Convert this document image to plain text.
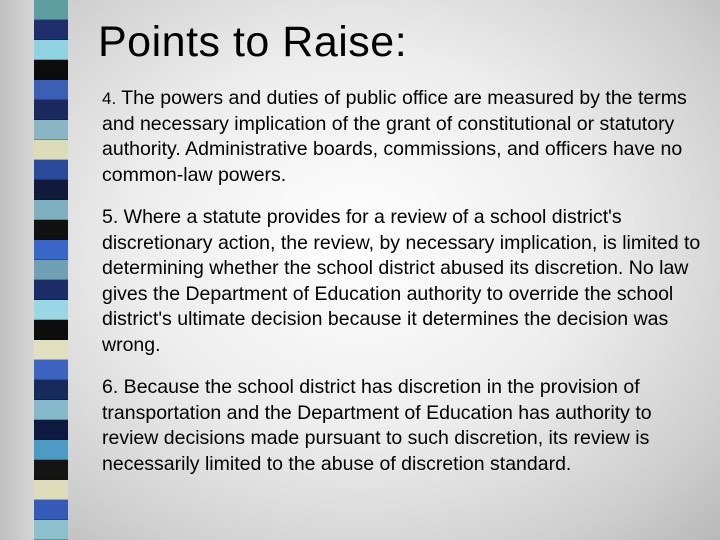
Points to Raise:

4. The powers and duties of public office are measured by the terms and necessary implication of the grant of constitutional or statutory authority. Administrative boards, commissions, and officers have no common-law powers.

5. Where a statute provides for a review of a school district's discretionary action, the review, by necessary implication, is limited to determining whether the school district abused its discretion. No law gives the Department of Education authority to override the school district's ultimate decision because it determines the decision was wrong.

6. Because the school district has discretion in the provision of transportation and the Department of Education has authority to review decisions made pursuant to such discretion, its review is necessarily limited to the abuse of discretion standard.
